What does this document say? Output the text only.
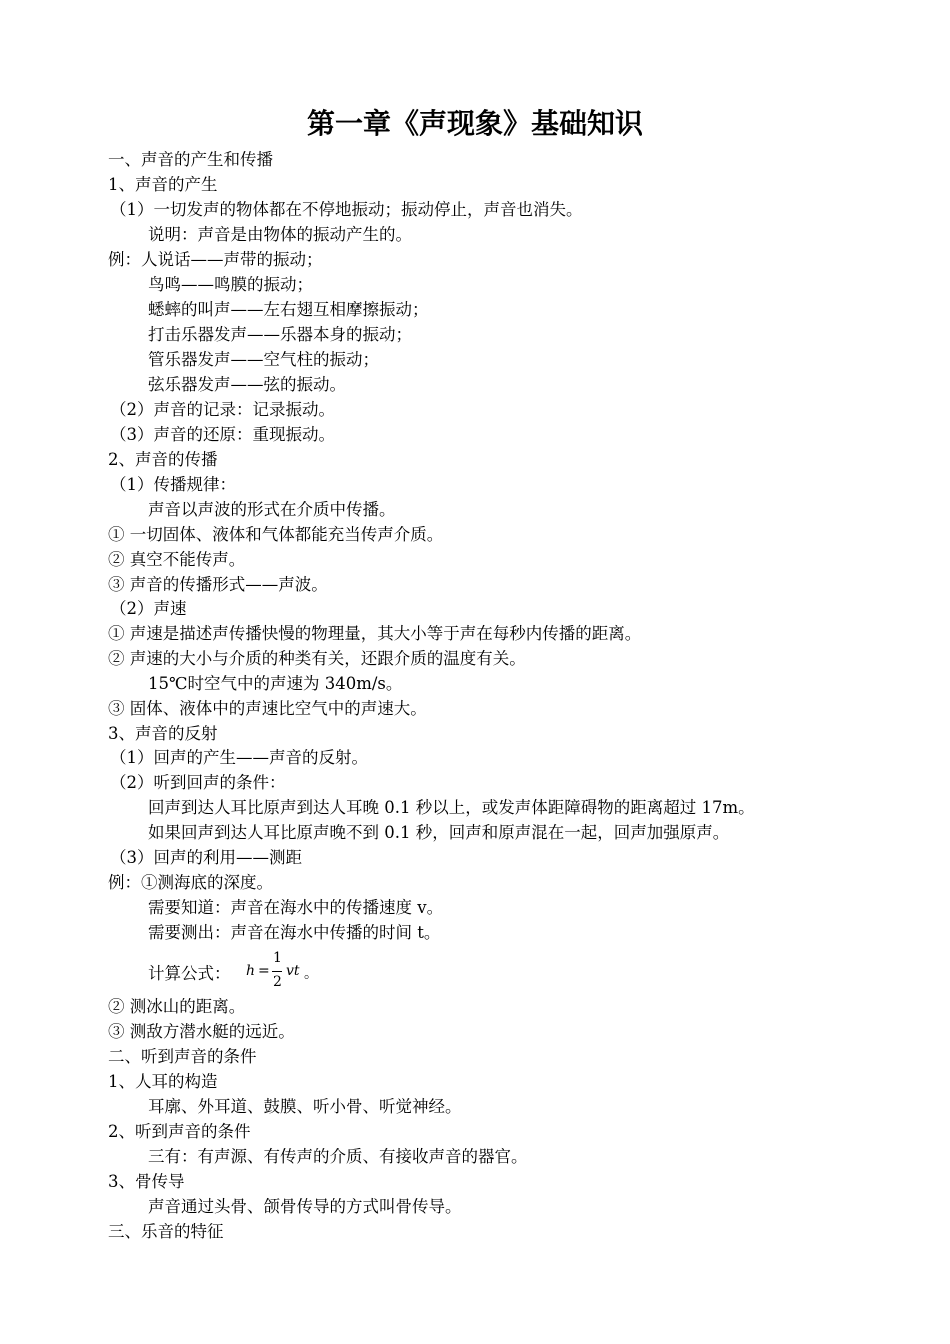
第一章《声现象》基础知识
一、声音的产生和传播
1、声音的产生
（1）一切发声的物体都在不停地振动；振动停止，声音也消失。
说明：声音是由物体的振动产生的。
例：人说话——声带的振动；
鸟鸣——鸣膜的振动；
蟋蟀的叫声——左右翅互相摩擦振动；
打击乐器发声——乐器本身的振动；
管乐器发声——空气柱的振动；
弦乐器发声——弦的振动。
（2）声音的记录：记录振动。
（3）声音的还原：重现振动。
2、声音的传播
（1）传播规律：
声音以声波的形式在介质中传播。
① 一切固体、液体和气体都能充当传声介质。
② 真空不能传声。
③ 声音的传播形式——声波。
（2）声速
① 声速是描述声传播快慢的物理量，其大小等于声在每秒内传播的距离。
② 声速的大小与介质的种类有关，还跟介质的温度有关。
15℃时空气中的声速为 340m/s。
③ 固体、液体中的声速比空气中的声速大。
3、声音的反射
（1）回声的产生——声音的反射。
（2）听到回声的条件：
回声到达人耳比原声到达人耳晚 0.1 秒以上，或发声体距障碍物的距离超过 17m。
如果回声到达人耳比原声晚不到 0.1 秒，回声和原声混在一起，回声加强原声。
（3）回声的利用——测距
例：①测海底的深度。
需要知道：声音在海水中的传播速度 v。
需要测出：声音在海水中传播的时间 t。
计算公式： h =
1
2
vt 。
② 测冰山的距离。
③ 测敌方潜水艇的远近。
二、听到声音的条件
1、人耳的构造
耳廓、外耳道、鼓膜、听小骨、听觉神经。
2、听到声音的条件
三有：有声源、有传声的介质、有接收声音的器官。
3、骨传导
声音通过头骨、颌骨传导的方式叫骨传导。
三、乐音的特征
